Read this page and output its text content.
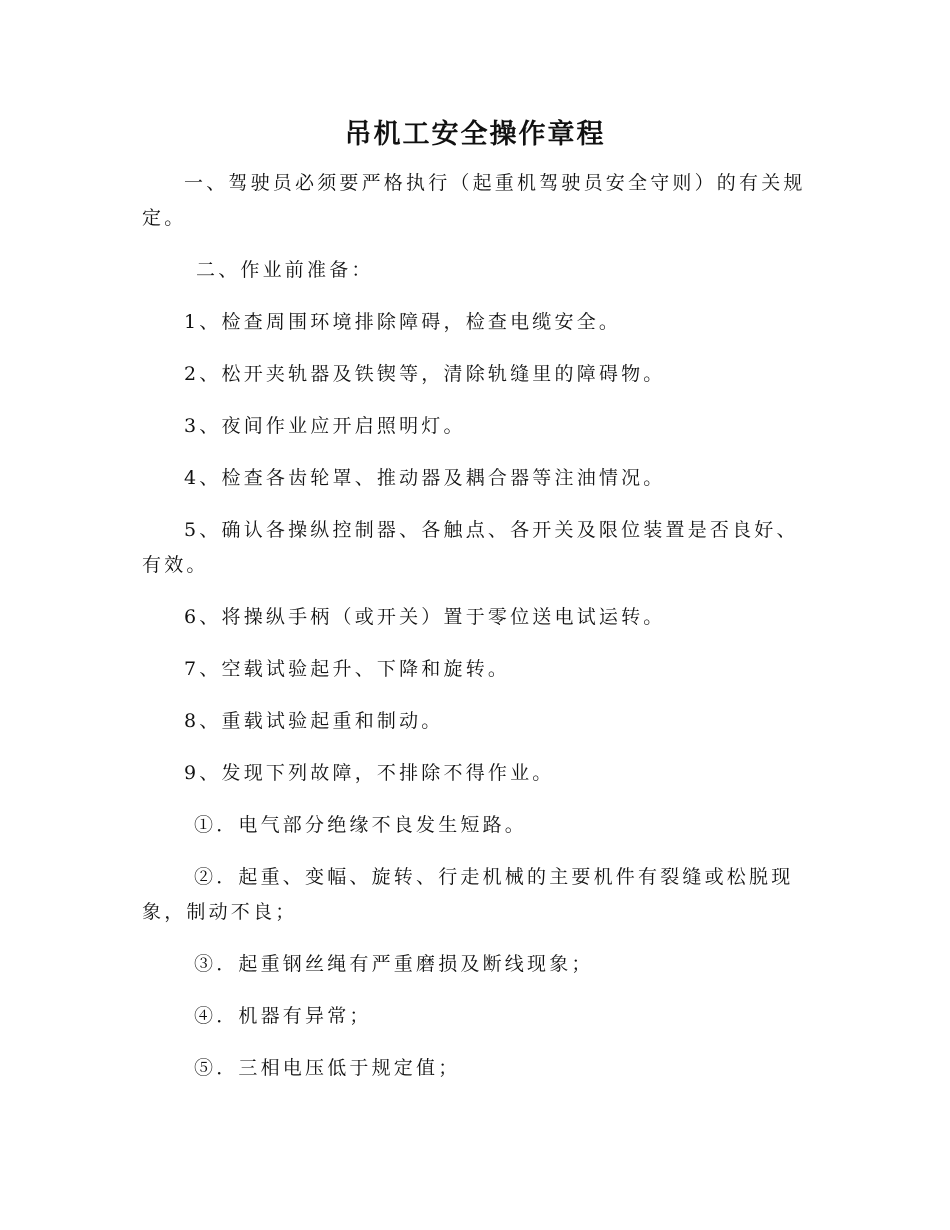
吊机工安全操作章程

一、驾驶员必须要严格执行（起重机驾驶员安全守则）的有关规定。

二、作业前准备：

1、检查周围环境排除障碍，检查电缆安全。

2、松开夹轨器及铁锲等，清除轨缝里的障碍物。

3、夜间作业应开启照明灯。

4、检查各齿轮罩、推动器及耦合器等注油情况。

5、确认各操纵控制器、各触点、各开关及限位装置是否良好、有效。

6、将操纵手柄（或开关）置于零位送电试运转。

7、空载试验起升、下降和旋转。

8、重载试验起重和制动。

9、发现下列故障，不排除不得作业。

①．电气部分绝缘不良发生短路。

②．起重、变幅、旋转、行走机械的主要机件有裂缝或松脱现象，制动不良；

③．起重钢丝绳有严重磨损及断线现象；

④．机器有异常；

⑤．三相电压低于规定值；
